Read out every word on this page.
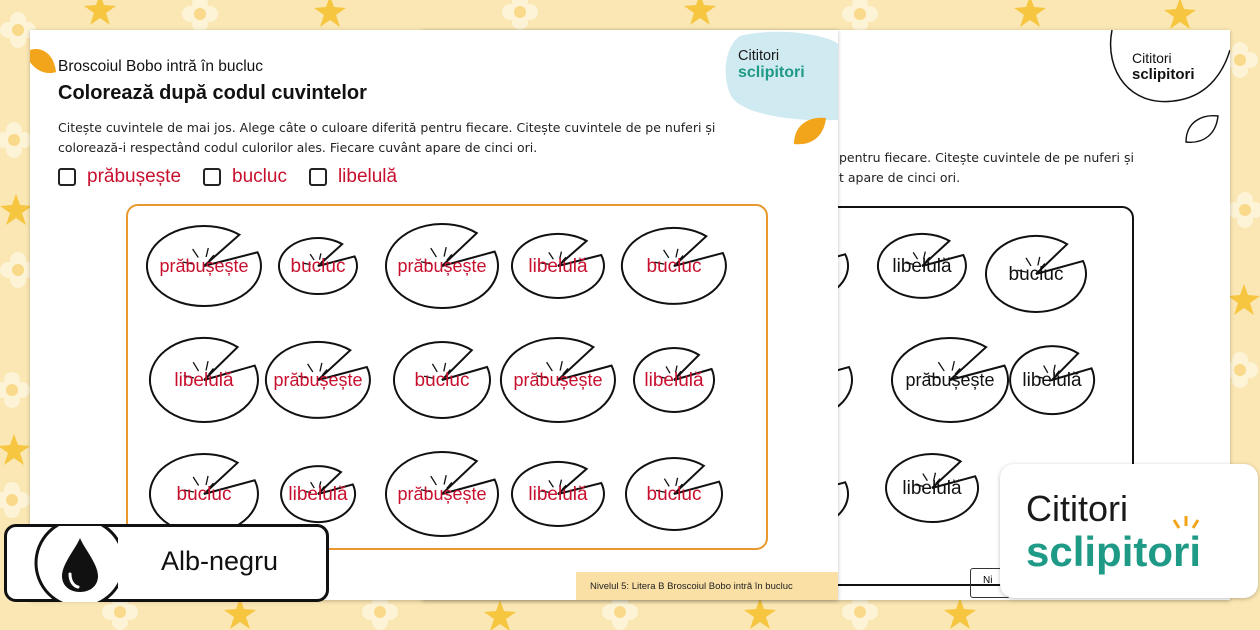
Cititori
sclipitori
pentru fiecare. Citește cuvintele de pe nuferi și
t apare de cinci ori.
libelulă	bucluc
prăbușește libelulă
libelulă
Ni
Broscoiul Bobo intră în bucluc
Colorează după codul cuvintelor
Cititori
sclipitori
Citește cuvintele de mai jos. Alege câte o culoare diferită pentru fiecare. Citește cuvintele de pe nuferi și
colorează-i respectând codul culorilor ales. Fiecare cuvânt apare de cinci ori.
prăbușește	bucluc	libelulă
prăbușește bucluc	prăbușește libelulă	bucluc
libelulă prăbușește	bucluc prăbușește libelulă
bucluc	libelulă	prăbușește libelulă	bucluc
Nivelul 5: Litera B Broscoiul Bobo intră în bucluc
Alb-negru
Cititori
sclipitori
